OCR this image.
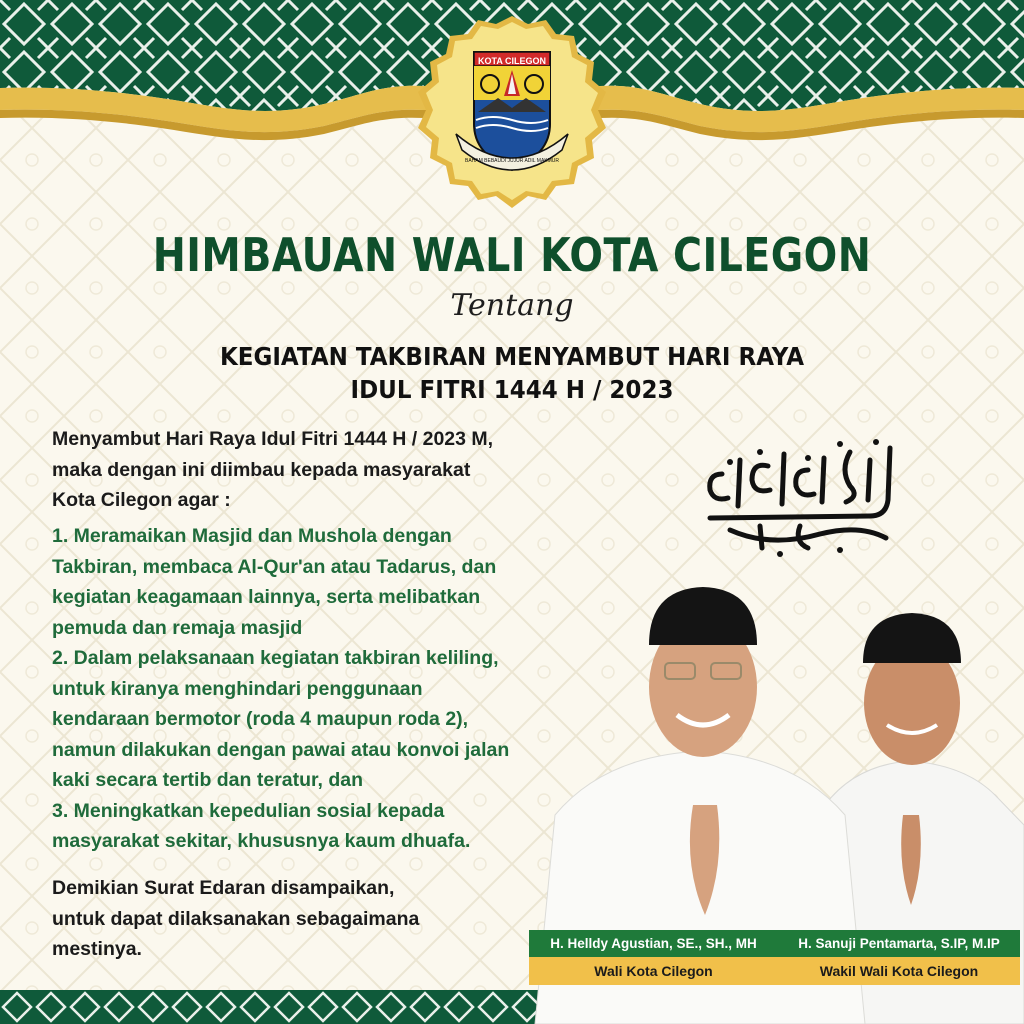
KOTA CILEGON
BAHAM BEBAUDI JUJUR ADIL MAKMUR
HIMBAUAN WALI KOTA CILEGON
Tentang
KEGIATAN TAKBIRAN MENYAMBUT HARI RAYA
IDUL FITRI 1444 H / 2023
Menyambut Hari Raya Idul Fitri 1444 H / 2023 M,
maka dengan ini diimbau kepada masyarakat
Kota Cilegon agar :
1. Meramaikan Masjid dan Mushola dengan
Takbiran, membaca Al-Qur'an atau Tadarus, dan
kegiatan keagamaan lainnya, serta melibatkan
pemuda dan remaja masjid
2. Dalam pelaksanaan kegiatan takbiran keliling,
untuk kiranya menghindari penggunaan
kendaraan bermotor (roda 4 maupun roda 2),
namun dilakukan dengan pawai atau konvoi jalan
kaki secara tertib dan teratur, dan
3. Meningkatkan kepedulian sosial kepada
masyarakat sekitar, khususnya kaum dhuafa.
Demikian Surat Edaran disampaikan,
untuk dapat dilaksanakan sebagaimana
mestinya.	H. Helldy Agustian, SE., SH., MH	H. Sanuji Pentamarta, S.IP, M.IP
Wali Kota Cilegon	Wakil Wali Kota Cilegon
